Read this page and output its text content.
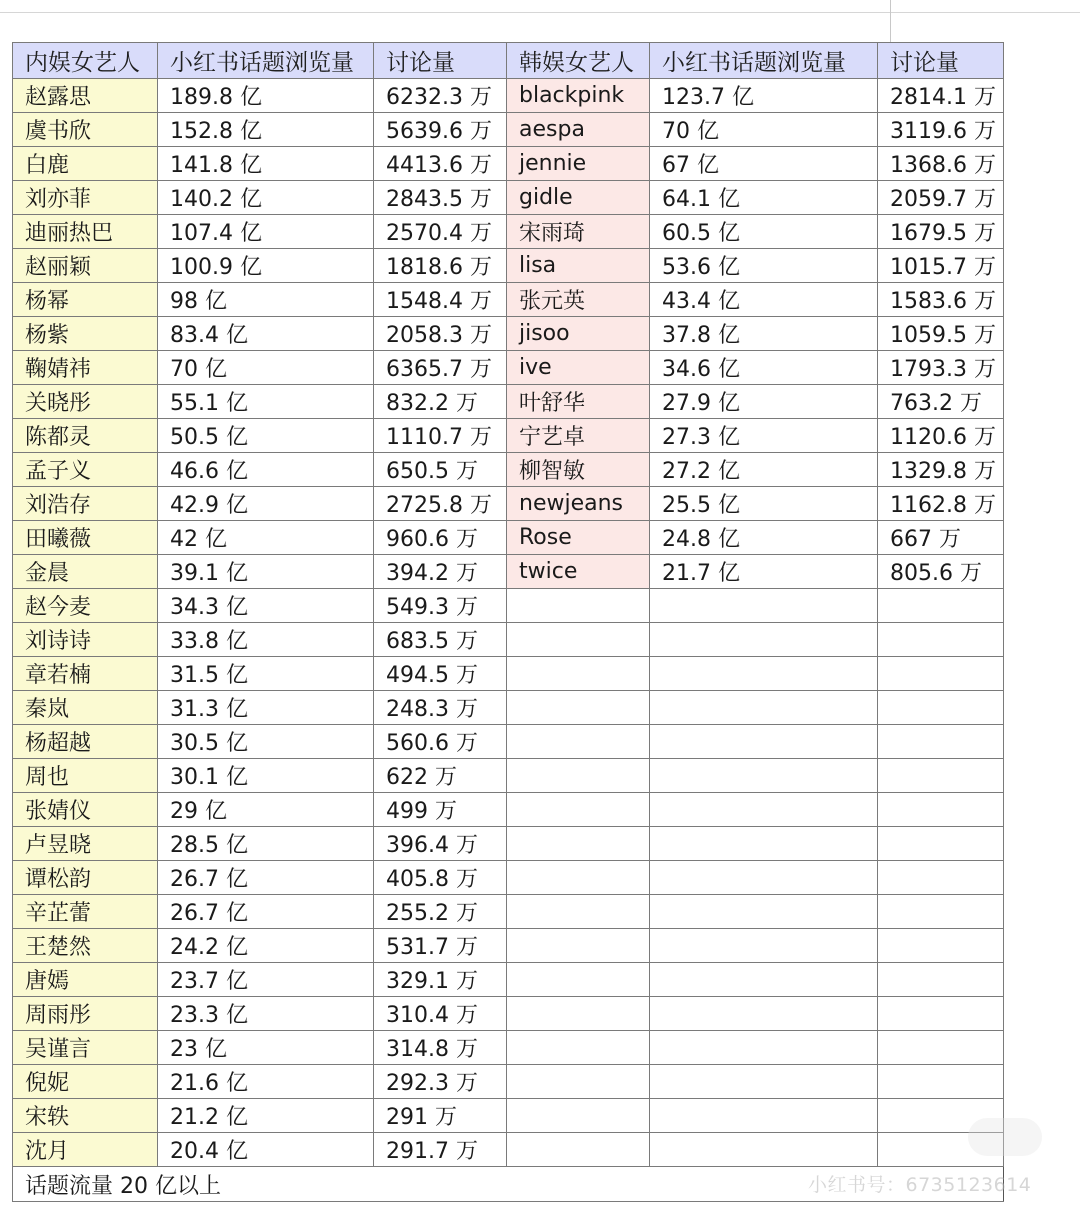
内娱女艺人	小红书话题浏览量	讨论量	韩娱女艺人	小红书话题浏览量	讨论量
赵露思	189.8 亿	6232.3 万	blackpink	123.7 亿	2814.1 万
虞书欣	152.8 亿	5639.6 万	aespa	70 亿	3119.6 万
白鹿	141.8 亿	4413.6 万	jennie	67 亿	1368.6 万
刘亦菲	140.2 亿	2843.5 万	gidle	64.1 亿	2059.7 万
迪丽热巴	107.4 亿	2570.4 万	宋雨琦	60.5 亿	1679.5 万
赵丽颖	100.9 亿	1818.6 万	lisa	53.6 亿	1015.7 万
杨幂	98 亿	1548.4 万	张元英	43.4 亿	1583.6 万
杨紫	83.4 亿	2058.3 万	jisoo	37.8 亿	1059.5 万
鞠婧祎	70 亿	6365.7 万	ive	34.6 亿	1793.3 万
关晓彤	55.1 亿	832.2 万	叶舒华	27.9 亿	763.2 万
陈都灵	50.5 亿	1110.7 万	宁艺卓	27.3 亿	1120.6 万
孟子义	46.6 亿	650.5 万	柳智敏	27.2 亿	1329.8 万
刘浩存	42.9 亿	2725.8 万	newjeans	25.5 亿	1162.8 万
田曦薇	42 亿	960.6 万	Rose	24.8 亿	667 万
金晨	39.1 亿	394.2 万	twice	21.7 亿	805.6 万
赵今麦	34.3 亿	549.3 万			
刘诗诗	33.8 亿	683.5 万			
章若楠	31.5 亿	494.5 万			
秦岚	31.3 亿	248.3 万			
杨超越	30.5 亿	560.6 万			
周也	30.1 亿	622 万			
张婧仪	29 亿	499 万			
卢昱晓	28.5 亿	396.4 万			
谭松韵	26.7 亿	405.8 万			
辛芷蕾	26.7 亿	255.2 万			
王楚然	24.2 亿	531.7 万			
唐嫣	23.7 亿	329.1 万			
周雨彤	23.3 亿	310.4 万			
吴谨言	23 亿	314.8 万			
倪妮	21.6 亿	292.3 万			
宋轶	21.2 亿	291 万			
沈月	20.4 亿	291.7 万			
话题流量 20 亿以上						小红书号：6735123614
